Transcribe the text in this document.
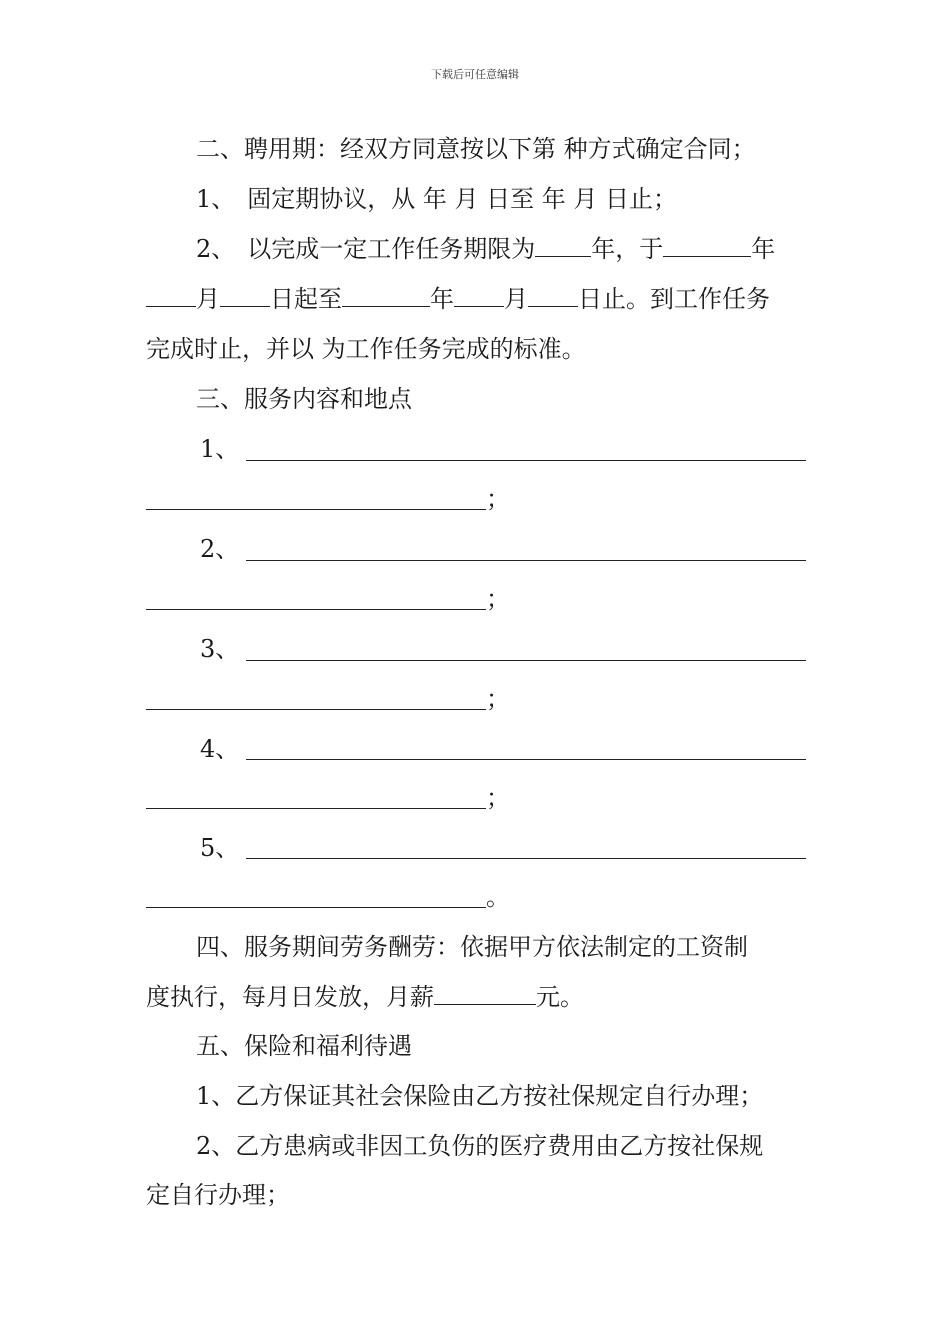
下载后可任意编辑
二、聘用期：经双方同意按以下第 种方式确定合同；
1、　固定期协议，从 年 月 日至 年 月 日止；
2、　以完成一定工作任务期限为 年，于	年
月 日起至	年 月 日止。到工作任务
完成时止，并以 为工作任务完成的标准。
三、服务内容和地点
1、
；
2、
；
3、
；
4、
；
5、
。
四、服务期间劳务酬劳：依据甲方依法制定的工资制
度执行，每月日发放，月薪	元。
五、保险和福利待遇
1、乙方保证其社会保险由乙方按社保规定自行办理；
2、乙方患病或非因工负伤的医疗费用由乙方按社保规
定自行办理；
